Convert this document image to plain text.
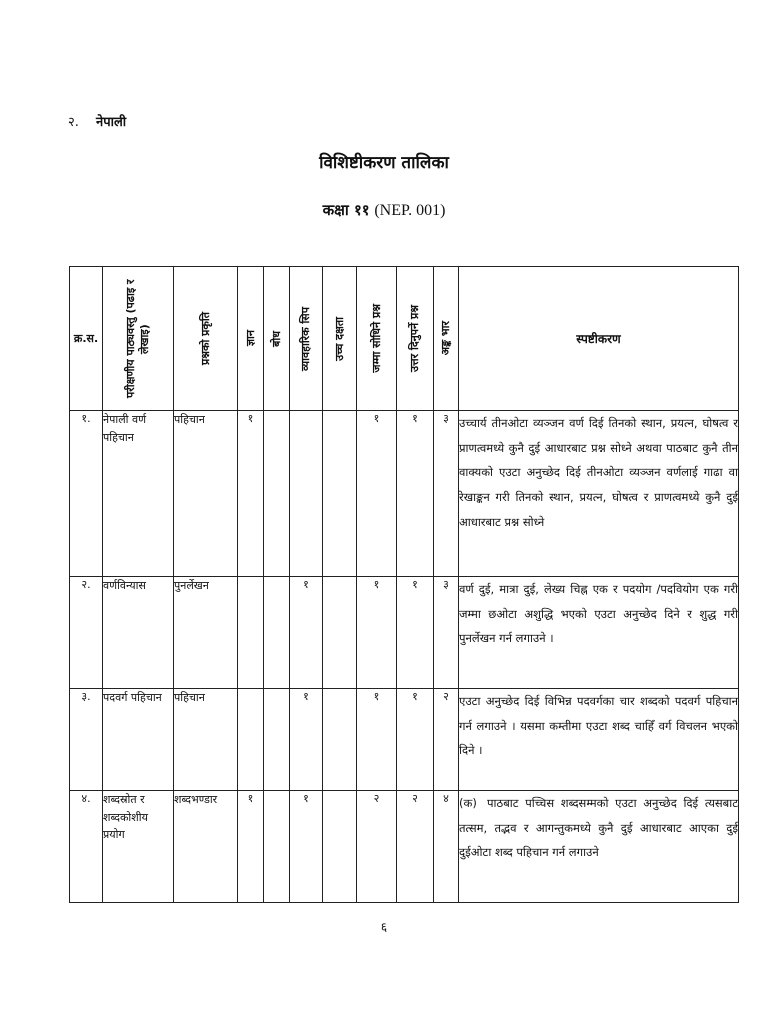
२. नेपाली
विशिष्टीकरण तालिका
कक्षा ११ (NEP. 001)
क्र.स.	परीक्षणीय पाठ्यवस्तु (पढाइ र लेखाइ)	प्रश्नको प्रकृति	ज्ञान	बोध	व्यावहारिक सिप	उच्च दक्षता	जम्मा सोधिने प्रश्न	उत्तर दिनुपर्ने प्रश्न	अङ्क भार	स्पष्टीकरण
१.	नेपाली वर्ण पहिचान	पहिचान	१				१	१	३	उच्चार्य तीनओटा व्यञ्जन वर्ण दिई तिनको स्थान, प्रयत्न, घोषत्व र प्राणत्वमध्ये कुनै दुई आधारबाट प्रश्न सोध्ने अथवा पाठबाट कुनै तीन वाक्यको एउटा अनुच्छेद दिई तीनओटा व्यञ्जन वर्णलाई गाढा वा रेखाङ्कन गरी तिनको स्थान, प्रयत्न, घोषत्व र प्राणत्वमध्ये कुनै दुई आधारबाट प्रश्न सोध्ने
२.	वर्णविन्यास	पुनर्लेखन			१		१	१	३	वर्ण दुई, मात्रा दुई, लेख्य चिह्न एक र पदयोग /पदवियोग एक गरी जम्मा छओटा अशुद्धि भएको एउटा अनुच्छेद दिने र शुद्ध गरी पुनर्लेखन गर्न लगाउने ।
३.	पदवर्ग पहिचान	पहिचान			१		१	१	२	एउटा अनुच्छेद दिई विभिन्न पदवर्गका चार शब्दको पदवर्ग पहिचान गर्न लगाउने । यसमा कम्तीमा एउटा शब्द चाहिँ वर्ग विचलन भएको दिने ।
४.	शब्दस्रोत र शब्दकोशीय प्रयोग	शब्दभण्डार	१		१		२	२	४	(क) पाठबाट पच्चिस शब्दसम्मको एउटा अनुच्छेद दिई त्यसबाट तत्सम, तद्भव र आगन्तुकमध्ये कुनै दुई आधारबाट आएका दुई दुईओटा शब्द पहिचान गर्न लगाउने
६
